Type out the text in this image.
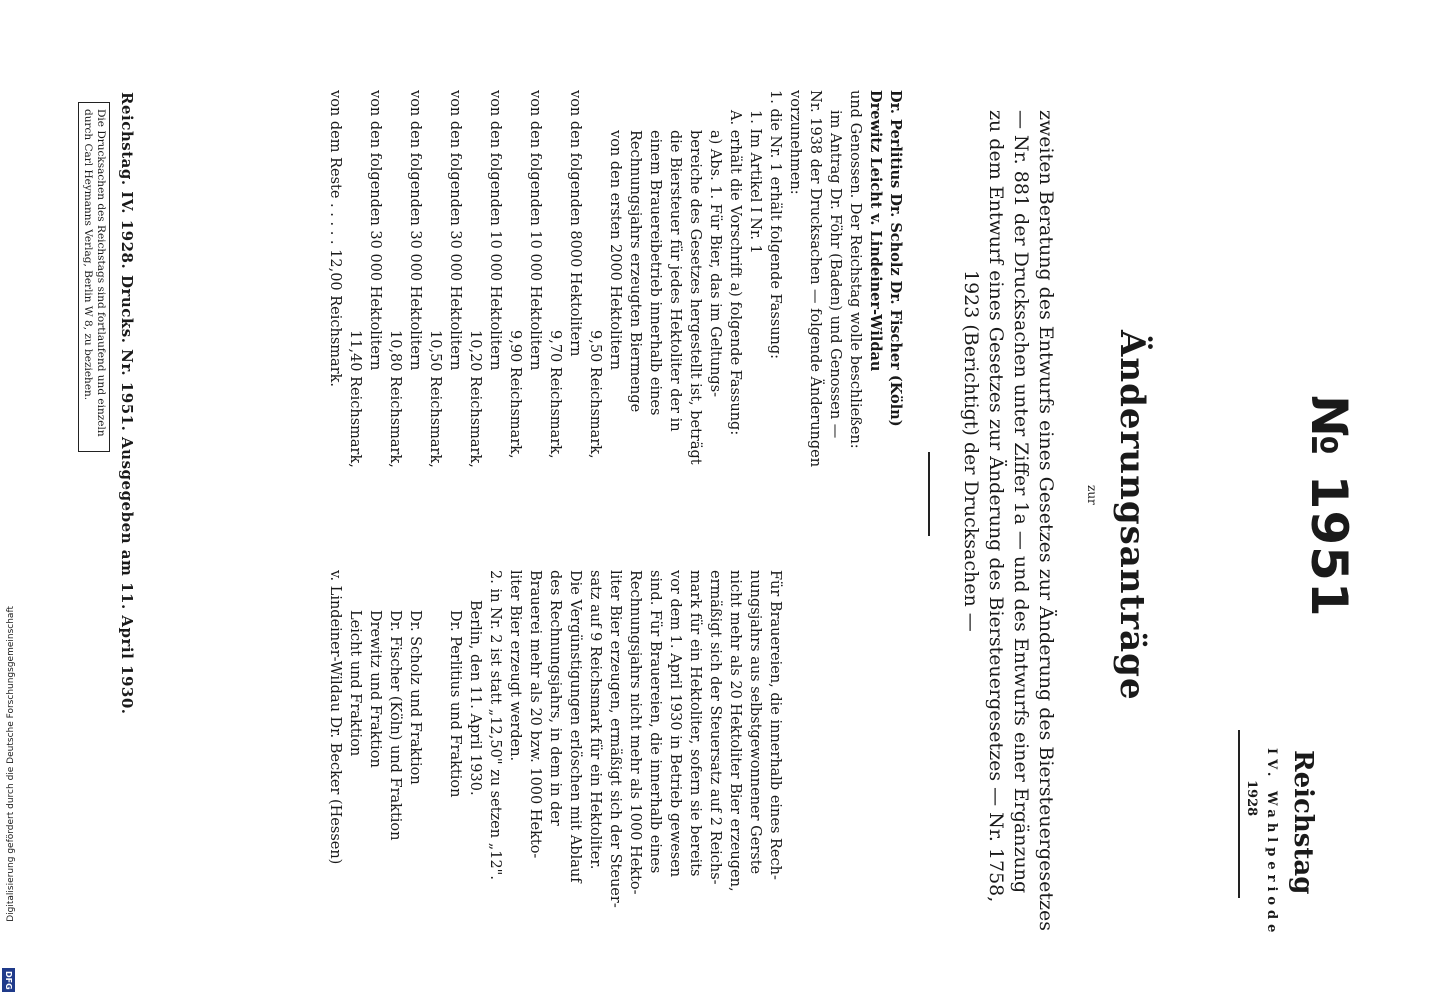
№ 1951
Reichstag
IV. Wahlperiode
1928
Änderungsanträge
zur
zweiten Beratung des Entwurfs eines Gesetzes zur Änderung des Biersteuergesetzes
— Nr. 881 der Drucksachen unter Ziffer 1a — und des Entwurfs einer Ergänzung
zu dem Entwurf eines Gesetzes zur Änderung des Biersteuergesetzes — Nr. 1758,
1923 (Berichtigt) der Drucksachen —
Dr. Perlitius Dr. Scholz Dr. Fischer (Köln)
Drewitz Leicht v. Lindeiner-Wildau
und Genossen. Der Reichstag wolle beschließen:
im Antrag Dr. Föhr (Baden) und Genossen —
Nr. 1938 der Drucksachen — folgende Änderungen
vorzunehmen:
1. die Nr. 1 erhält folgende Fassung:
1. Im Artikel I Nr. 1
A. erhält die Vorschrift a) folgende Fassung:
a) Abs. 1. Für Bier, das im Geltungs-
bereiche des Gesetzes hergestellt ist, beträgt
die Biersteuer für jedes Hektoliter der in
einem Brauereibetrieb innerhalb eines
Rechnungsjahrs erzeugten Biermenge
von den ersten 2000 Hektolitern
9,50 Reichsmark,
von den folgenden 8000 Hektolitern
9,70 Reichsmark,
von den folgenden 10 000 Hektolitern
9,90 Reichsmark,
von den folgenden 10 000 Hektolitern
10,20 Reichsmark,
von den folgenden 30 000 Hektolitern
10,50 Reichsmark,
von den folgenden 30 000 Hektolitern
10,80 Reichsmark,
von den folgenden 30 000 Hektolitern
11,40 Reichsmark,
von dem Reste . . . . . 12,00 Reichsmark.
Für Brauereien, die innerhalb eines Rech-
nungsjahrs aus selbstgewonnener Gerste
nicht mehr als 20 Hektoliter Bier erzeugen,
ermäßigt sich der Steuersatz auf 2 Reichs-
mark für ein Hektoliter, sofern sie bereits
vor dem 1. April 1930 in Betrieb gewesen
sind. Für Brauereien, die innerhalb eines
Rechnungsjahrs nicht mehr als 1000 Hekto-
liter Bier erzeugen, ermäßigt sich der Steuer-
satz auf 9 Reichsmark für ein Hektoliter.
Die Vergünstigungen erlöschen mit Ablauf
des Rechnungsjahrs, in dem in der
Brauerei mehr als 20 bzw. 1000 Hekto-
liter Bier erzeugt werden.
2. in Nr. 2 ist statt „12,50" zu setzen „12".
Berlin, den 11. April 1930.
Dr. Perlitius und Fraktion
Dr. Scholz und Fraktion
Dr. Fischer (Köln) und Fraktion
Drewitz und Fraktion
Leicht und Fraktion
v. Lindeiner-Wildau Dr. Becker (Hessen)
Reichstag. IV. 1928. Drucks. Nr. 1951. Ausgegeben am 11. April 1930.
Die Drucksachen des Reichstags sind fortlaufend und einzeln
durch Carl Heymanns Verlag, Berlin W 8, zu beziehen.
Digitalisierung gefördert durch die Deutsche Forschungsgemeinschaft
DFG
